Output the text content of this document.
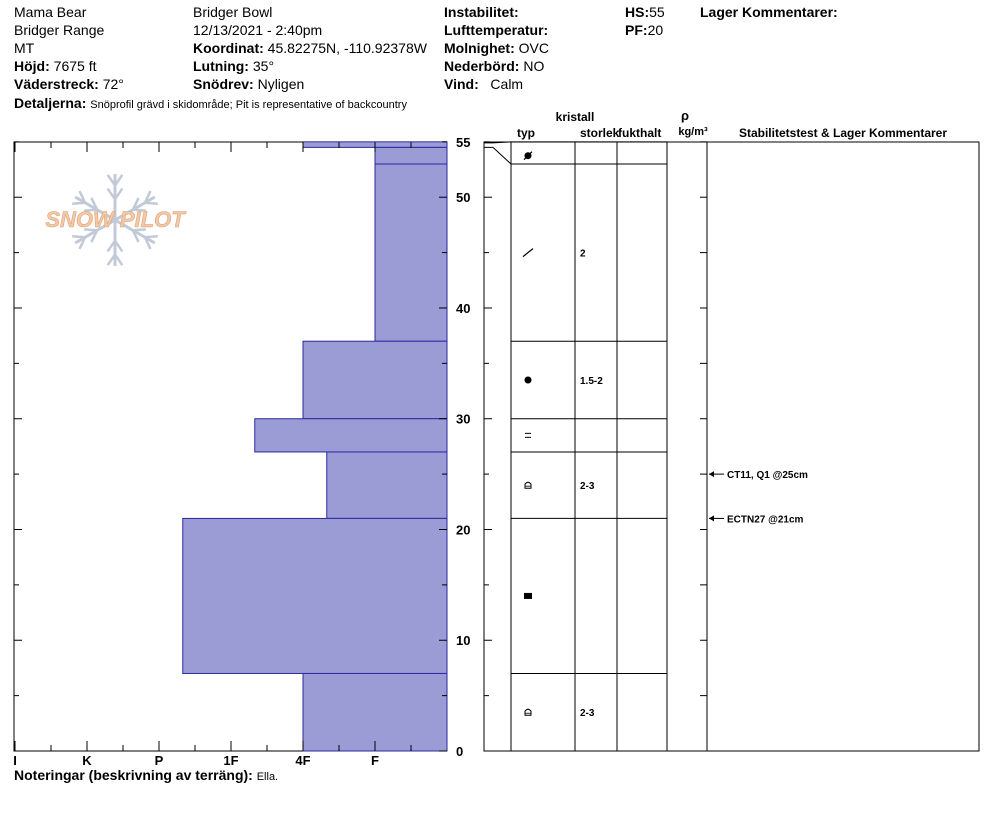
Mama Bear
Bridger Range
MT
Höjd: 7675 ft
Väderstreck: 72°
Detaljerna: Snöprofil grävd i skidområde; Pit is representative of backcountry
Bridger Bowl
12/13/2021 - 2:40pm
Koordinat: 45.82275N, -110.92378W
Lutning: 35°
Snödrev: Nyligen
Instabilitet:
Lufttemperatur:
Molnighet: OVC
Nederbörd: NO
Vind: Calm
HS:55
PF:20
Lager Kommentarer:
kristall
typ	storlek
fukthalt
ρ
kg/m³	Stabilitetstest & Lager Kommentarer
SNOW PILOT
0
10
20
30
40
50
55
F
4F
1F
P
K
I
2
1.5-2
2-3
2-3
CT11, Q1 @25cm
ECTN27 @21cm
Noteringar (beskrivning av terräng): Ella.
